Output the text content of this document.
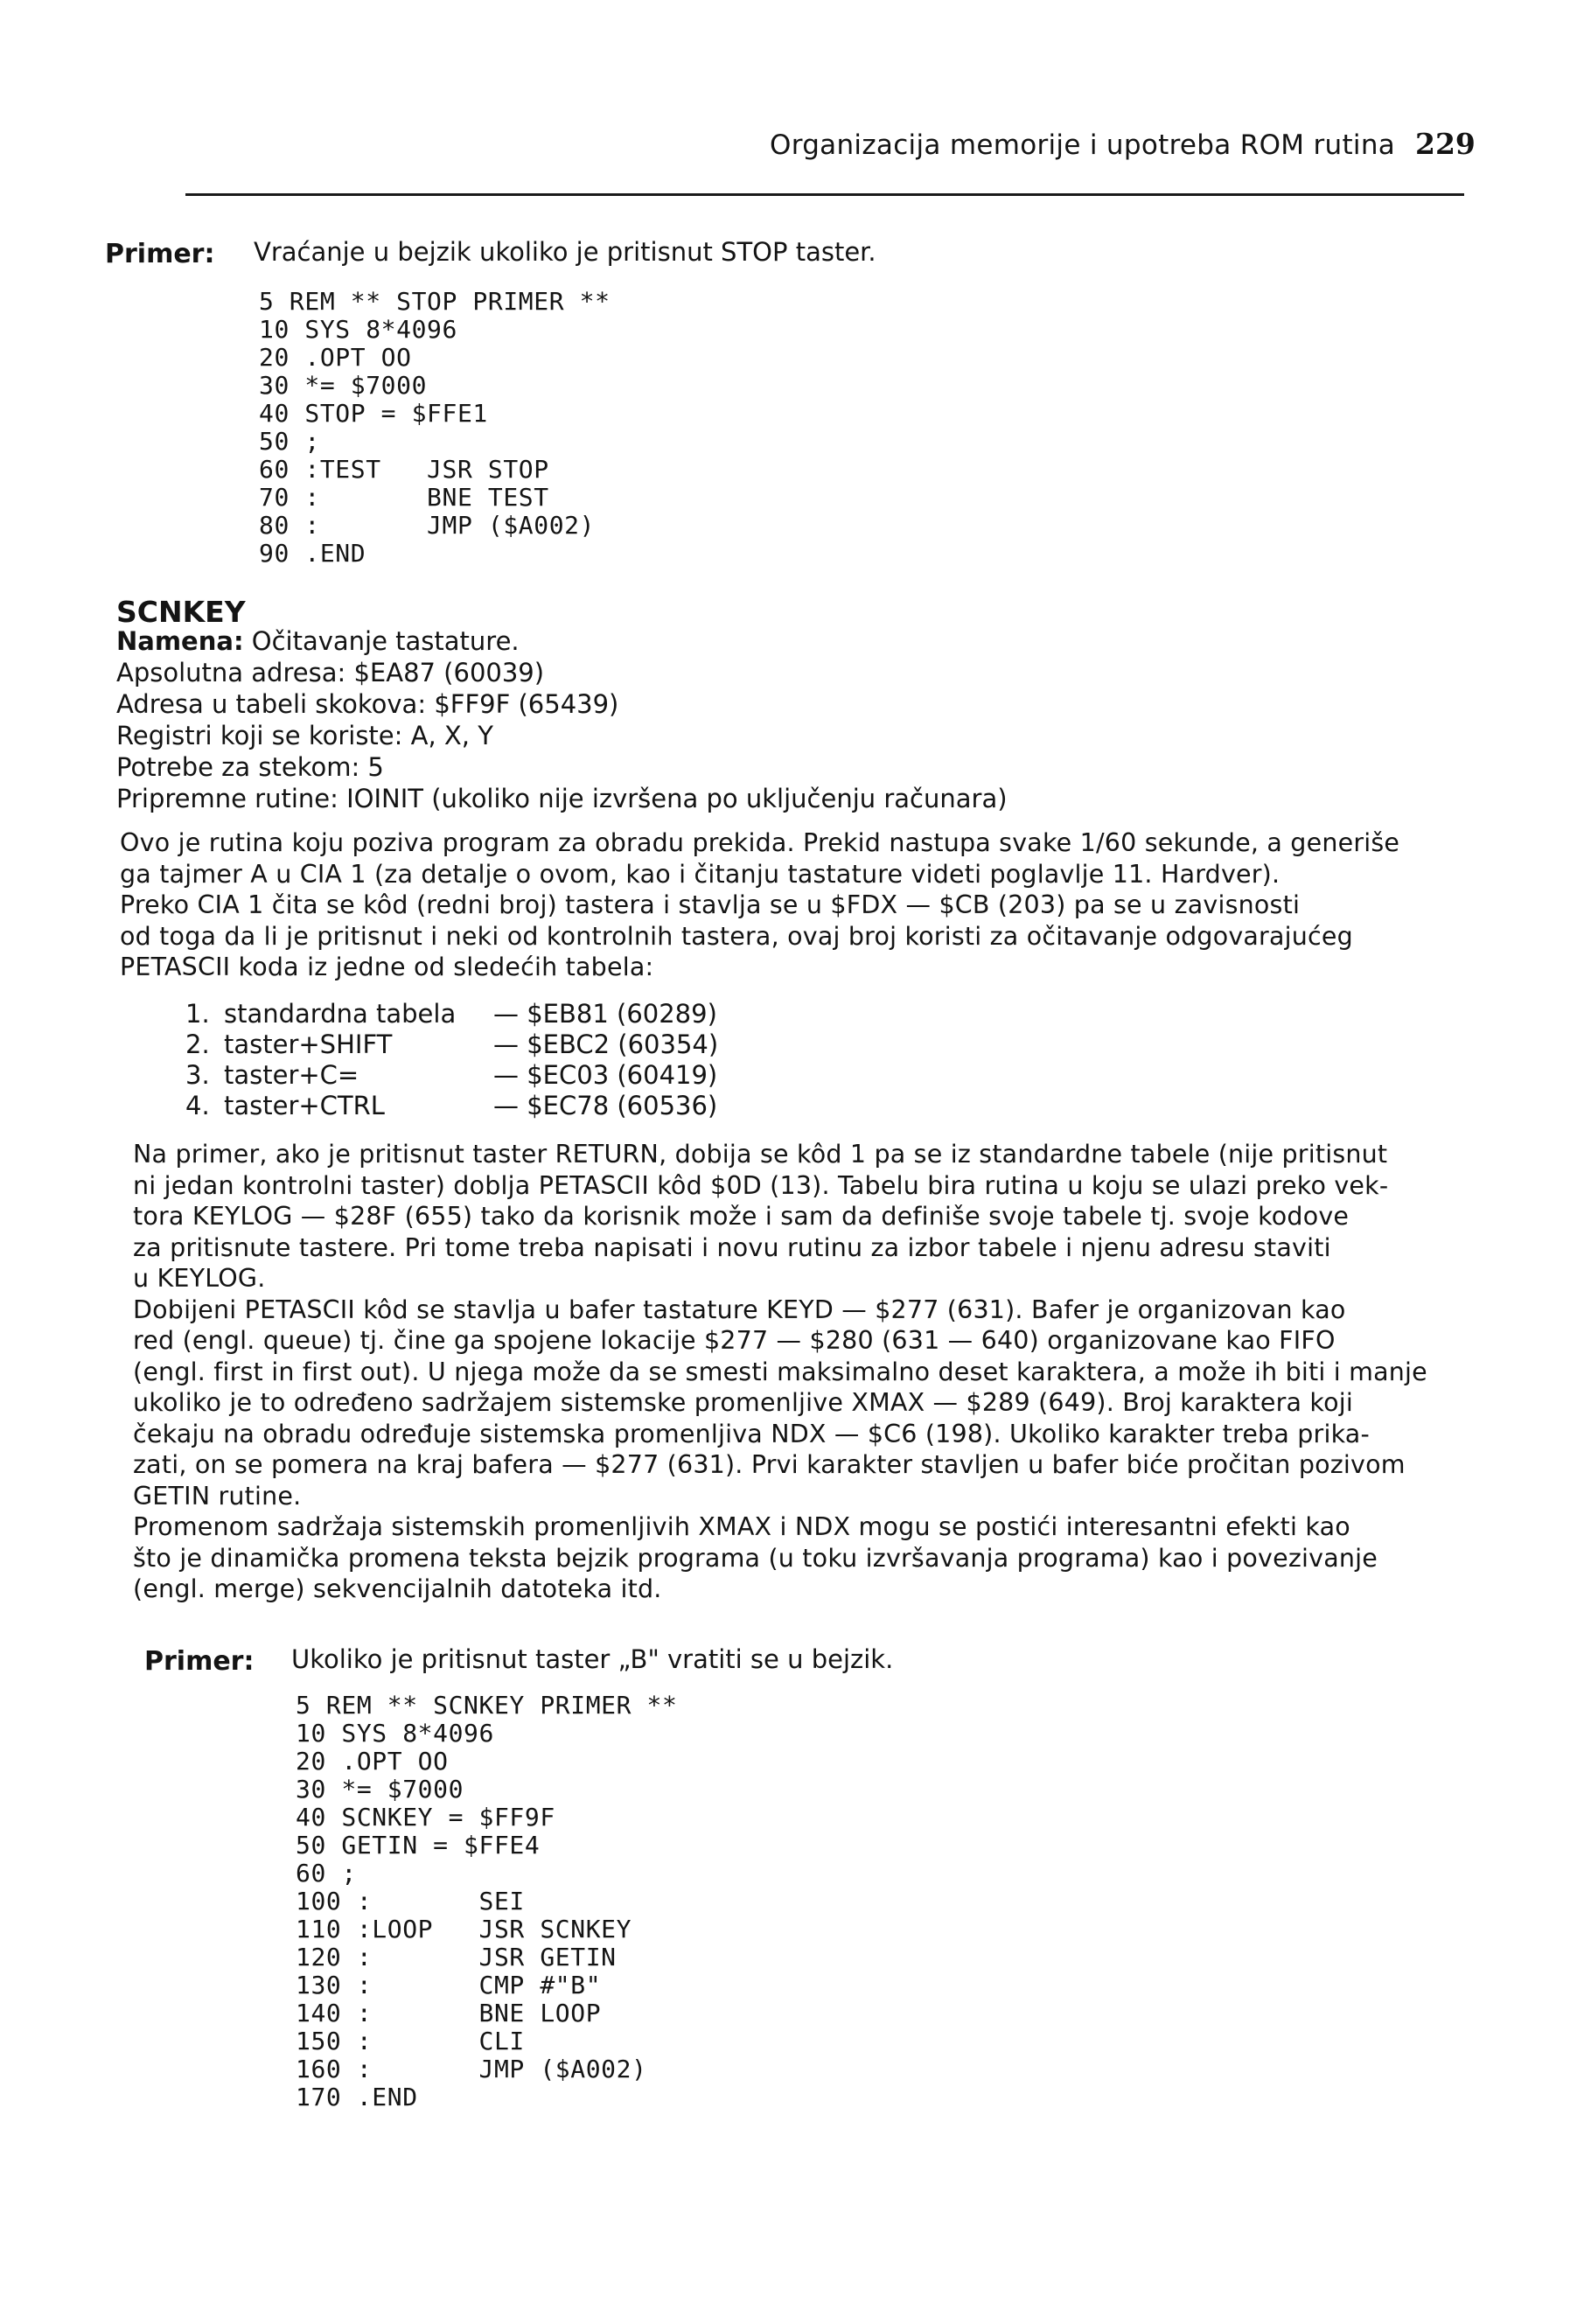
Organizacija memorije i upotreba ROM rutina 229
Primer: Vraćanje u bejzik ukoliko je pritisnut STOP taster.
5 REM ** STOP PRIMER **
10 SYS 8*4096
20 .OPT OO
30 *= $7000
40 STOP = $FFE1
50 ;
60 :TEST   JSR STOP
70 :       BNE TEST
80 :       JMP ($A002)
90 .END
SCNKEY
Namena: Očitavanje tastature.
Apsolutna adresa: $EA87 (60039)
Adresa u tabeli skokova: $FF9F (65439)
Registri koji se koriste: A, X, Y
Potrebe za stekom: 5
Pripremne rutine: IOINIT (ukoliko nije izvršena po uključenju računara)
Ovo je rutina koju poziva program za obradu prekida. Prekid nastupa svake 1/60 sekunde, a generiše
ga tajmer A u CIA 1 (za detalje o ovom, kao i čitanju tastature videti poglavlje 11. Hardver).
Preko CIA 1 čita se kôd (redni broj) tastera i stavlja se u $FDX — $CB (203) pa se u zavisnosti
od toga da li je pritisnut i neki od kontrolnih tastera, ovaj broj koristi za očitavanje odgovarajućeg
PETASCII koda iz jedne od sledećih tabela:
1. standardna tabela — $EB81 (60289)
2. taster+SHIFT	— $EBC2 (60354)
3. taster+C=	— $EC03 (60419)
4. taster+CTRL	— $EC78 (60536)
Na primer, ako je pritisnut taster RETURN, dobija se kôd 1 pa se iz standardne tabele (nije pritisnut
ni jedan kontrolni taster) doblja PETASCII kôd $0D (13). Tabelu bira rutina u koju se ulazi preko vek-
tora KEYLOG — $28F (655) tako da korisnik može i sam da definiše svoje tabele tj. svoje kodove
za pritisnute tastere. Pri tome treba napisati i novu rutinu za izbor tabele i njenu adresu staviti
u KEYLOG.
Dobijeni PETASCII kôd se stavlja u bafer tastature KEYD — $277 (631). Bafer je organizovan kao
red (engl. queue) tj. čine ga spojene lokacije $277 — $280 (631 — 640) organizovane kao FIFO
(engl. first in first out). U njega može da se smesti maksimalno deset karaktera, a može ih biti i manje
ukoliko je to određeno sadržajem sistemske promenljive XMAX — $289 (649). Broj karaktera koji
čekaju na obradu određuje sistemska promenljiva NDX — $C6 (198). Ukoliko karakter treba prika-
zati, on se pomera na kraj bafera — $277 (631). Prvi karakter stavljen u bafer biće pročitan pozivom
GETIN rutine.
Promenom sadržaja sistemskih promenljivih XMAX i NDX mogu se postići interesantni efekti kao
što je dinamička promena teksta bejzik programa (u toku izvršavanja programa) kao i povezivanje
(engl. merge) sekvencijalnih datoteka itd.
Primer: Ukoliko je pritisnut taster „B" vratiti se u bejzik.
5 REM ** SCNKEY PRIMER **
10 SYS 8*4096
20 .OPT OO
30 *= $7000
40 SCNKEY = $FF9F
50 GETIN = $FFE4
60 ;
100 :       SEI
110 :LOOP   JSR SCNKEY
120 :       JSR GETIN
130 :       CMP #"B"
140 :       BNE LOOP
150 :       CLI
160 :       JMP ($A002)
170 .END
